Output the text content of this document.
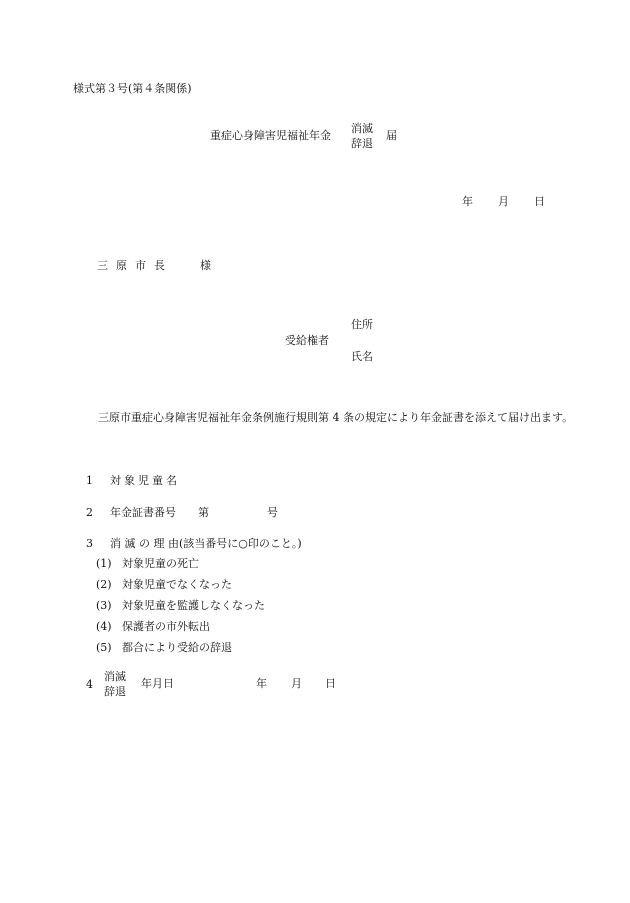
様式第３号(第４条関係)
重症心身障害児福祉年金
消滅
辞退
届
年 月 日
三原市長 様
受給権者
住所
氏名
三原市重症心身障害児福祉年金条例施行規則第 4 条の規定により年金証書を添えて届け出ます。
1 対象児童名
2 年金証書番号 第	号
3 消 滅 の 理 由(該当番号に○印のこと。)
(1) 対象児童の死亡
(2) 対象児童でなくなった
(3) 対象児童を監護しなくなった
(4) 保護者の市外転出
(5) 都合により受給の辞退
4
消滅
辞退
年月日	年 月 日
